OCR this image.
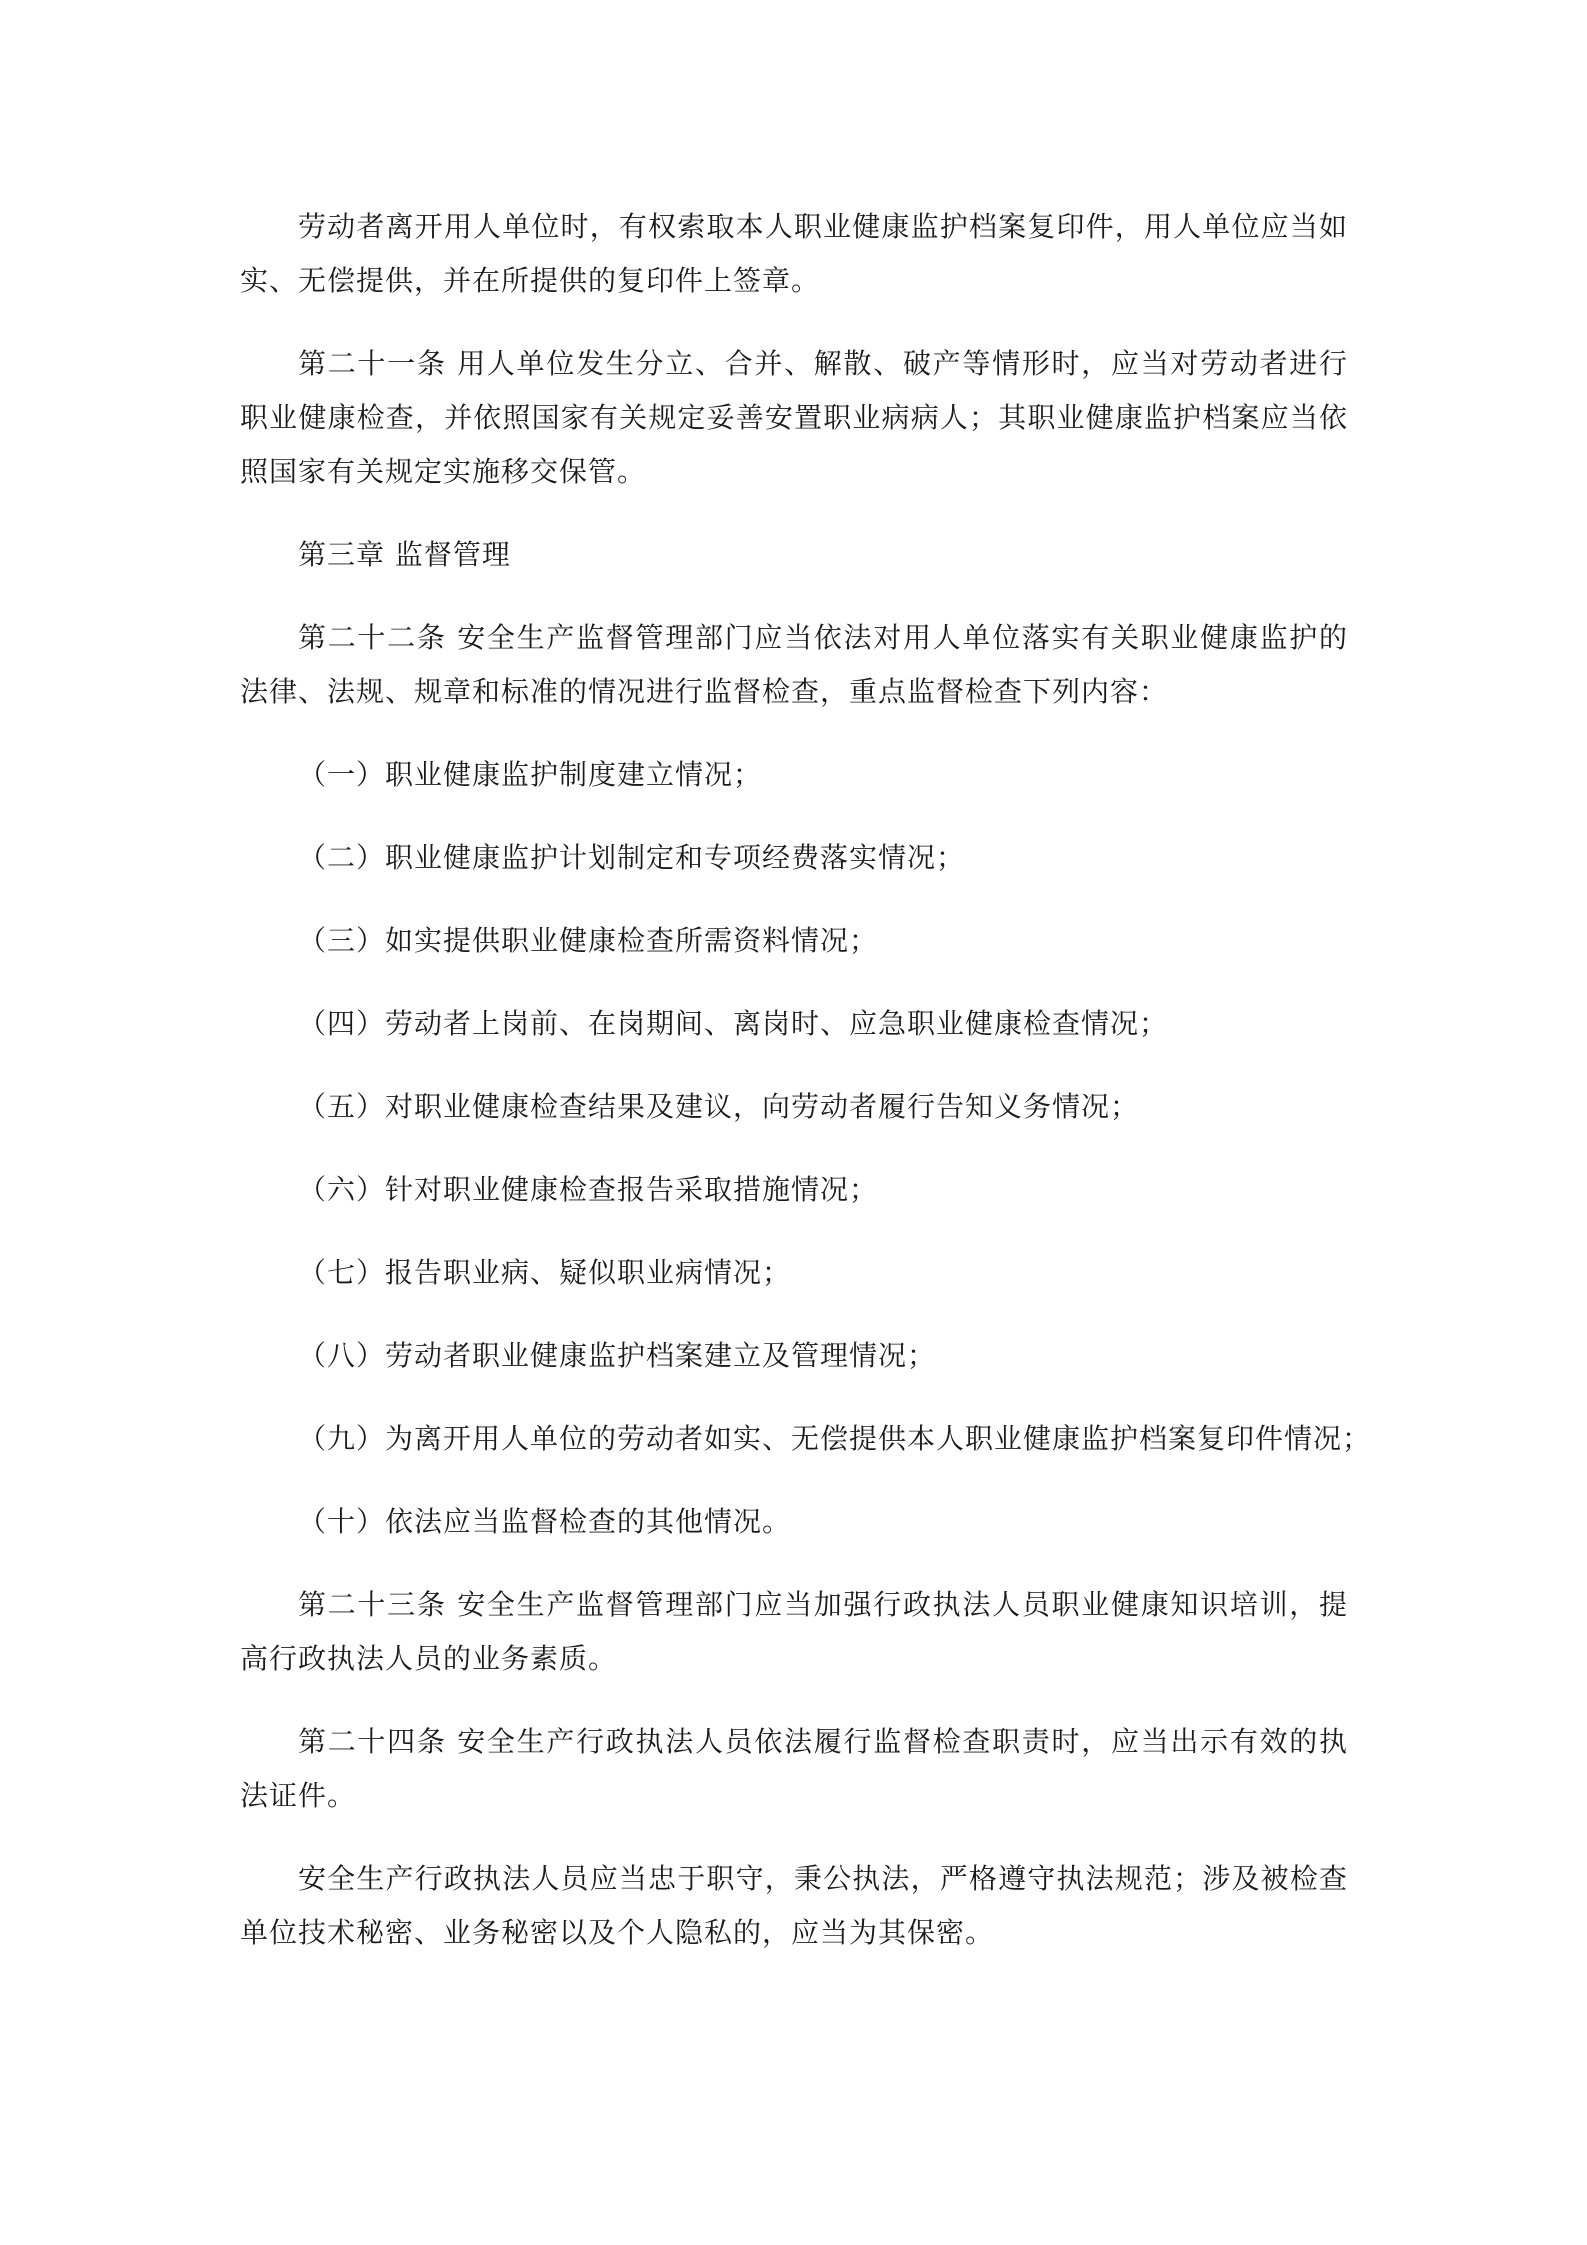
劳动者离开用人单位时，有权索取本人职业健康监护档案复印件，用人单位应当如实、无偿提供，并在所提供的复印件上签章。

第二十一条 用人单位发生分立、合并、解散、破产等情形时，应当对劳动者进行职业健康检查，并依照国家有关规定妥善安置职业病病人；其职业健康监护档案应当依照国家有关规定实施移交保管。

第三章 监督管理

第二十二条 安全生产监督管理部门应当依法对用人单位落实有关职业健康监护的法律、法规、规章和标准的情况进行监督检查，重点监督检查下列内容：

（一）职业健康监护制度建立情况；

（二）职业健康监护计划制定和专项经费落实情况；

（三）如实提供职业健康检查所需资料情况；

（四）劳动者上岗前、在岗期间、离岗时、应急职业健康检查情况；

（五）对职业健康检查结果及建议，向劳动者履行告知义务情况；

（六）针对职业健康检查报告采取措施情况；

（七）报告职业病、疑似职业病情况；

（八）劳动者职业健康监护档案建立及管理情况；

（九）为离开用人单位的劳动者如实、无偿提供本人职业健康监护档案复印件情况；

（十）依法应当监督检查的其他情况。

第二十三条 安全生产监督管理部门应当加强行政执法人员职业健康知识培训，提高行政执法人员的业务素质。

第二十四条 安全生产行政执法人员依法履行监督检查职责时，应当出示有效的执法证件。

安全生产行政执法人员应当忠于职守，秉公执法，严格遵守执法规范；涉及被检查单位技术秘密、业务秘密以及个人隐私的，应当为其保密。
